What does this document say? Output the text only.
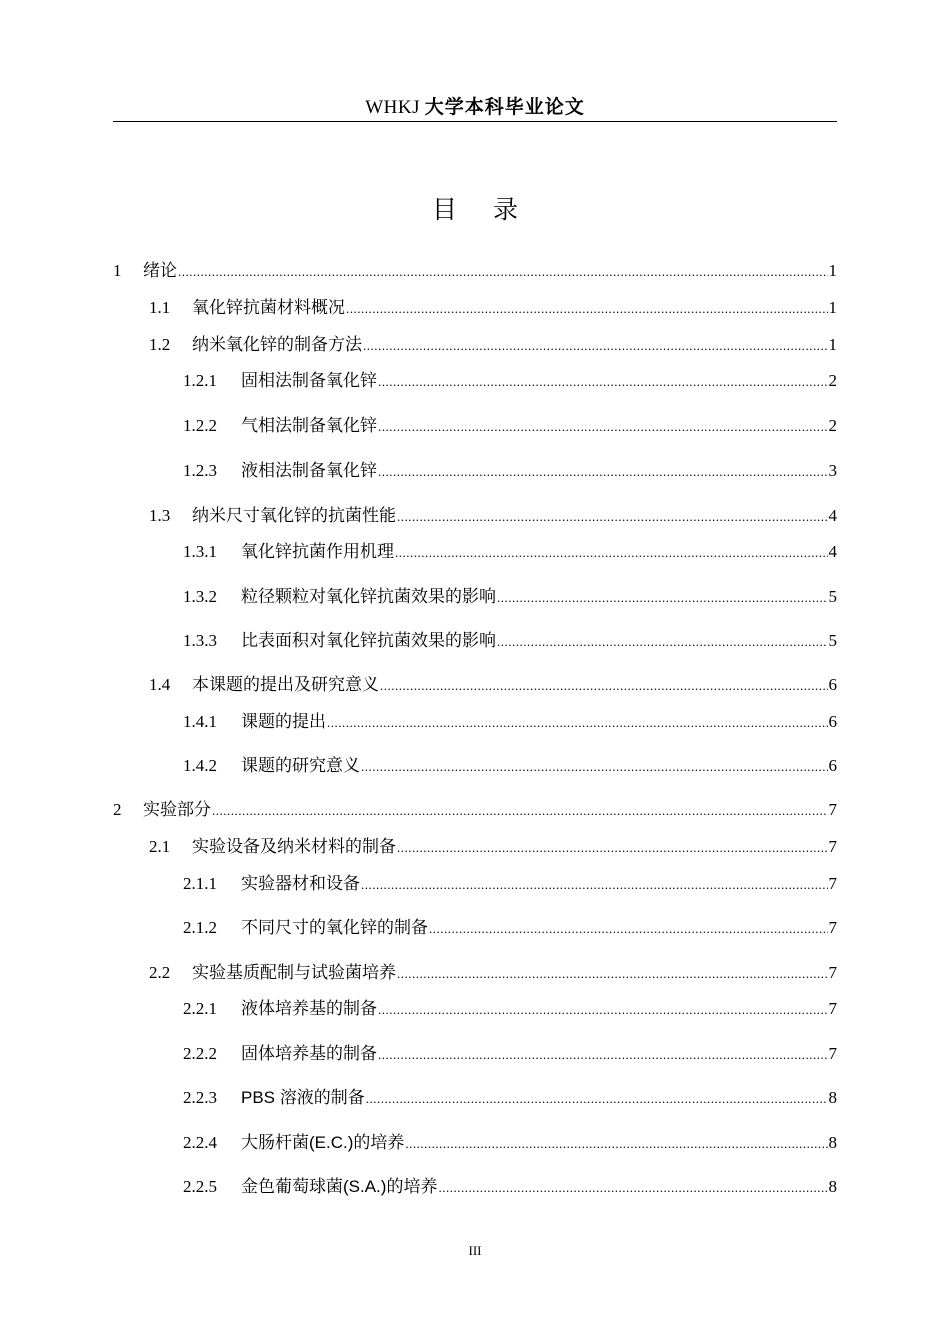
WHKJ 大学本科毕业论文
目 录
1	绪论 .....	1
1.1	氧化锌抗菌材料概况 .....	1
1.2	纳米氧化锌的制备方法 .....	1
1.2.1	固相法制备氧化锌 .....	2
1.2.2	气相法制备氧化锌 .....	2
1.2.3	液相法制备氧化锌 .....	3
1.3	纳米尺寸氧化锌的抗菌性能 .....	4
1.3.1	氧化锌抗菌作用机理 .....	4
1.3.2	粒径颗粒对氧化锌抗菌效果的影响 .....	5
1.3.3	比表面积对氧化锌抗菌效果的影响 .....	5
1.4	本课题的提出及研究意义 .....	6
1.4.1	课题的提出 .....	6
1.4.2	课题的研究意义 .....	6
2	实验部分 .....	7
2.1	实验设备及纳米材料的制备 .....	7
2.1.1	实验器材和设备 .....	7
2.1.2	不同尺寸的氧化锌的制备 .....	7
2.2	实验基质配制与试验菌培养 .....	7
2.2.1	液体培养基的制备 .....	7
2.2.2	固体培养基的制备 .....	7
2.2.3	PBS 溶液的制备 .....	8
2.2.4	大肠杆菌(E.C.)的培养 .....	8
2.2.5	金色葡萄球菌(S.A.)的培养 .....	8
III
